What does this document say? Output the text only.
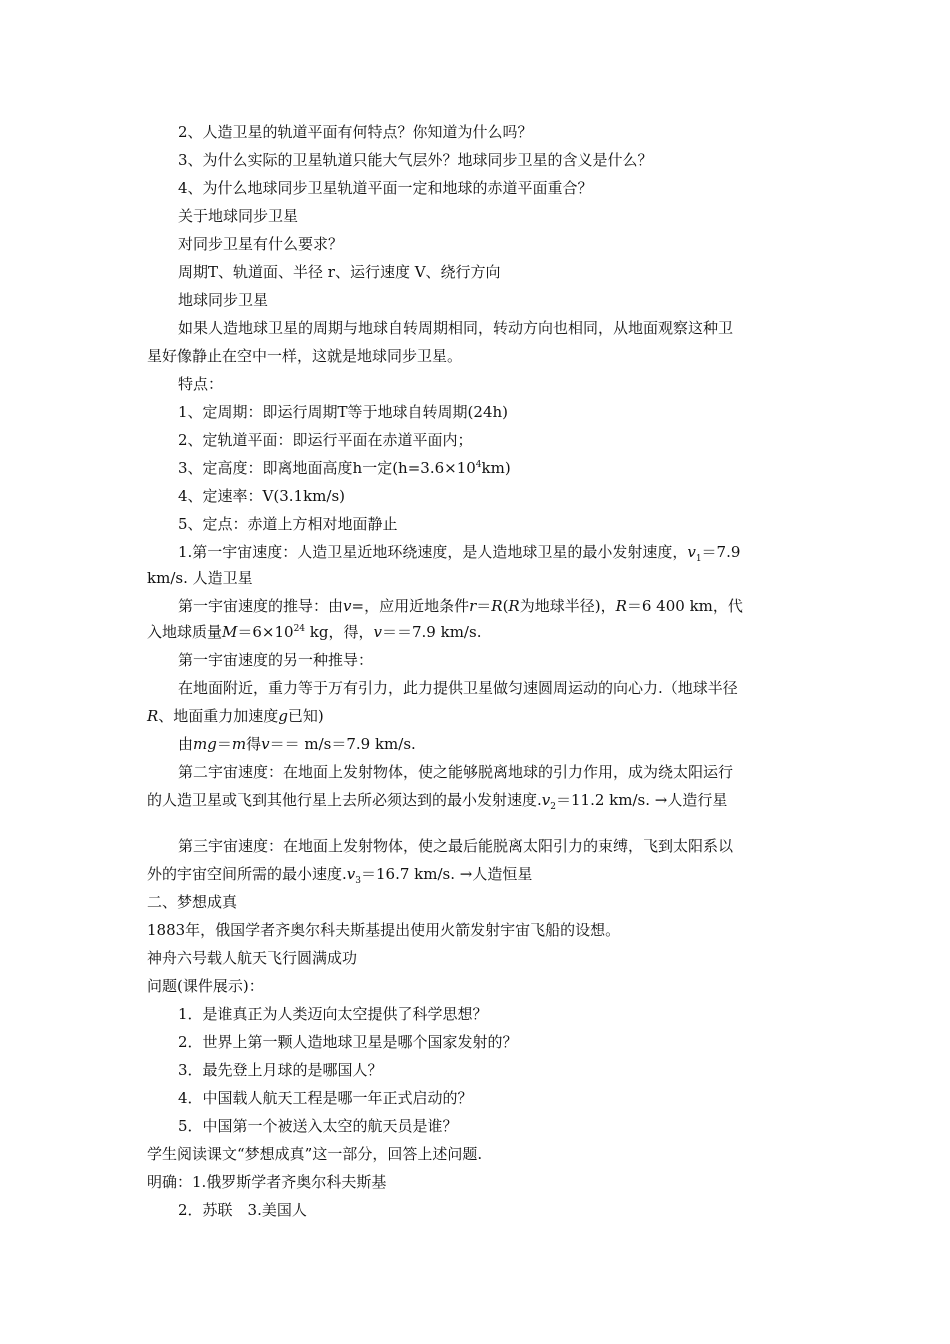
2、人造卫星的轨道平面有何特点？你知道为什么吗？
3、为什么实际的卫星轨道只能大气层外？地球同步卫星的含义是什么？
4、为什么地球同步卫星轨道平面一定和地球的赤道平面重合？
关于地球同步卫星
对同步卫星有什么要求？
周期T、轨道面、半径 r、运行速度 V、绕行方向
地球同步卫星
如果人造地球卫星的周期与地球自转周期相同，转动方向也相同，从地面观察这种卫
星好像静止在空中一样，这就是地球同步卫星。
特点：
1、定周期：即运行周期T等于地球自转周期(24h)
2、定轨道平面：即运行平面在赤道平面内；
3、定高度：即离地面高度h一定$(h=3.6\times 10^4km)$
4、定速率：V(3.1km/s)
5、定点：赤道上方相对地面静止
1.第一宇宙速度：人造卫星近地环绕速度，是人造地球卫星的最小发射速度，$v_1=7.9$
km/s. 人造卫星
第一宇宙速度的推导：由v=，应用近地条件r＝R(R为地球半径)，R＝6 400 km，代
入地球质量$M=6\times 10^{24}$ kg，得，v＝＝7.9 km/s.
第一宇宙速度的另一种推导：
在地面附近，重力等于万有引力，此力提供卫星做匀速圆周运动的向心力.（地球半径
R、地面重力加速度g已知)
由mg＝m得v＝＝ m/s＝7.9 km/s.
第二宇宙速度：在地面上发射物体，使之能够脱离地球的引力作用，成为绕太阳运行
的人造卫星或飞到其他行星上去所必须达到的最小发射速度$.v_2=11.2$ km/s. →人造行星
第三宇宙速度：在地面上发射物体，使之最后能脱离太阳引力的束缚，飞到太阳系以
外的宇宙空间所需的最小速度$.v_3=16.7$ km/s. →人造恒星
二、梦想成真
1883年，俄国学者齐奥尔科夫斯基提出使用火箭发射宇宙飞船的设想。
神舟六号载人航天飞行圆满成功
问题(课件展示)：
1．是谁真正为人类迈向太空提供了科学思想？
2．世界上第一颗人造地球卫星是哪个国家发射的？
3．最先登上月球的是哪国人？
4．中国载人航天工程是哪一年正式启动的？
5．中国第一个被送入太空的航天员是谁？
学生阅读课文“梦想成真”这一部分，回答上述问题.
明确：1.俄罗斯学者齐奥尔科夫斯基
2．苏联　3.美国人
